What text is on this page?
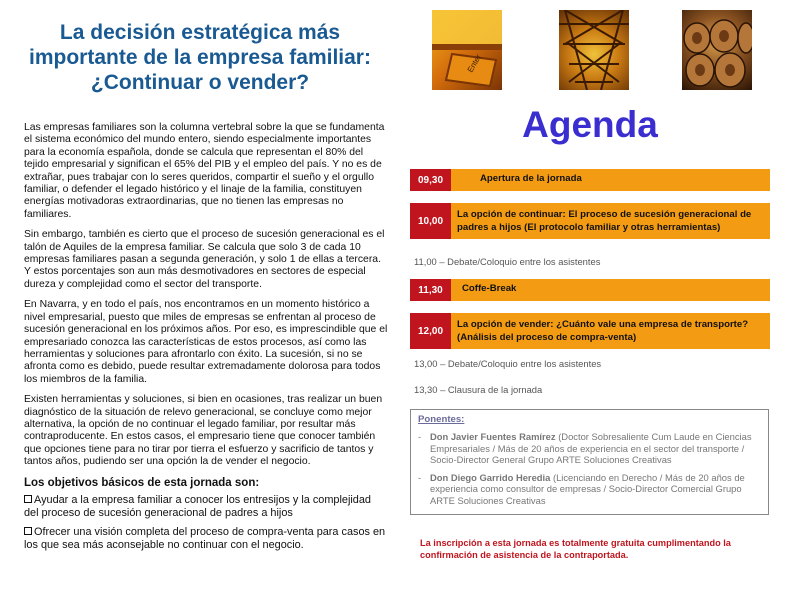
La decisión estratégica más importante de la empresa familiar: ¿Continuar o vender?

Las empresas familiares son la columna vertebral sobre la que se fundamenta el sistema económico del mundo entero, siendo especialmente importantes para la economía española, donde se calcula que representan el 80% del tejido empresarial y significan el 65% del PIB y el empleo del país. Y no es de extrañar, pues trabajar con lo seres queridos, compartir el sueño y el orgullo familiar, o defender el legado histórico y el linaje de la familia, constituyen energías motivadoras extraordinarias, que no tienen las empresas no familiares.

Sin embargo, también es cierto que el proceso de sucesión generacional es el talón de Aquiles de la empresa familiar. Se calcula que solo 3 de cada 10 empresas familiares pasan a segunda generación, y solo 1 de ellas a tercera. Y estos porcentajes son aun más desmotivadores en sectores de especial dureza y complejidad como el sector del transporte.

En Navarra, y en todo el país, nos encontramos en un momento histórico a nivel empresarial, puesto que miles de empresas se enfrentan al proceso de sucesión generacional en los próximos años. Por eso, es imprescindible que el empresariado conozca las características de estos procesos, así como las herramientas y soluciones para afrontarlo con éxito. La sucesión, si no se afronta como es debido, puede resultar extremadamente dolorosa para todos los miembros de la familia.

Existen herramientas y soluciones, si bien en ocasiones, tras realizar un buen diagnóstico de la situación de relevo generacional, se concluye como mejor alternativa, la opción de no continuar el legado familiar, por resultar más contraproducente. En estos casos, el empresario tiene que conocer también que opciones tiene para no tirar por tierra el esfuerzo y sacrificio de tantos y tantos años, pudiendo ser una opción la de vender el negocio.

Los objetivos básicos de esta jornada son:
Ayudar a la empresa familiar a conocer los entresijos y la complejidad del proceso de sucesión generacional de padres a hijos
Ofrecer una visión completa del proceso de compra-venta para casos en los que sea más aconsejable no continuar con el negocio.
Enter
Agenda
09,30	Apertura de la jornada
10,00
La opción de continuar: El proceso de sucesión generacional de padres a hijos (El protocolo familiar y otras herramientas)
11,00 – Debate/Coloquio entre los asistentes
11,30	Coffe-Break
12,00
La opción de vender: ¿Cuánto vale una empresa de transporte? (Análisis del proceso de compra-venta)
13,00 – Debate/Coloquio entre los asistentes
13,30 – Clausura de la jornada
Ponentes:
- Don Javier Fuentes Ramírez (Doctor Sobresaliente Cum Laude en Ciencias Empresariales / Más de 20 años de experiencia en el sector del transporte / Socio-Director General Grupo ARTE Soluciones Creativas
- Don Diego Garrido Heredia (Licenciando en Derecho / Más de 20 años de experiencia como consultor de empresas / Socio-Director Comercial Grupo ARTE Soluciones Creativas
La inscripción a esta jornada es totalmente gratuita cumplimentando la confirmación de asistencia de la contraportada.
